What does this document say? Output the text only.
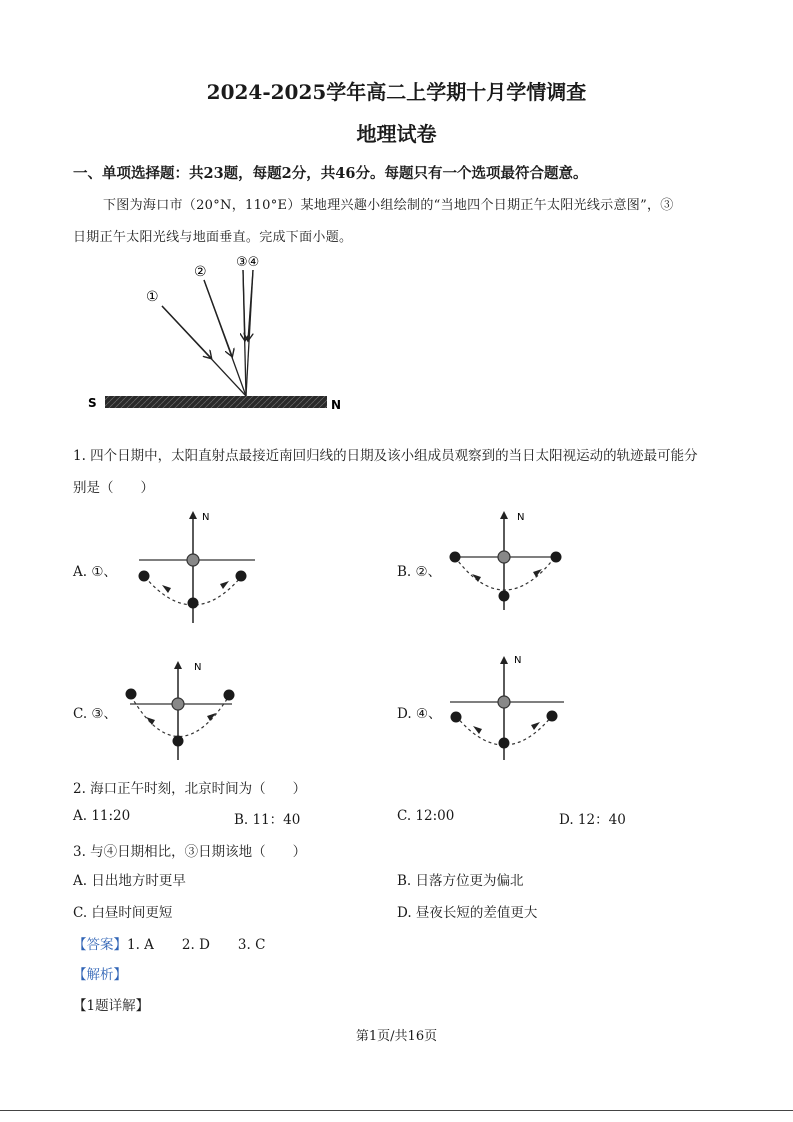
2024-2025学年高二上学期十月学情调查
地理试卷
一、单项选择题：共23题，每题2分，共46分。每题只有一个选项最符合题意。
下图为海口市（20°N，110°E）某地理兴趣小组绘制的“当地四个日期正午太阳光线示意图”，③
日期正午太阳光线与地面垂直。完成下面小题。
①
②
③④
S	N
1. 四个日期中，太阳直射点最接近南回归线的日期及该小组成员观察到的当日太阳视运动的轨迹最可能分
别是（　　）
A. ①、
N
B. ②、
N
C. ③、
N
D. ④、
N
2. 海口正午时刻，北京时间为（　　）
A. 11:20	B. 11：40	C. 12:00	D. 12：40
3. 与④日期相比，③日期该地（　　）
A. 日出地方时更早	B. 日落方位更为偏北
C. 白昼时间更短	D. 昼夜长短的差值更大
【答案】1. A 2. D 3. C
【解析】
【1题详解】
第1页/共16页
